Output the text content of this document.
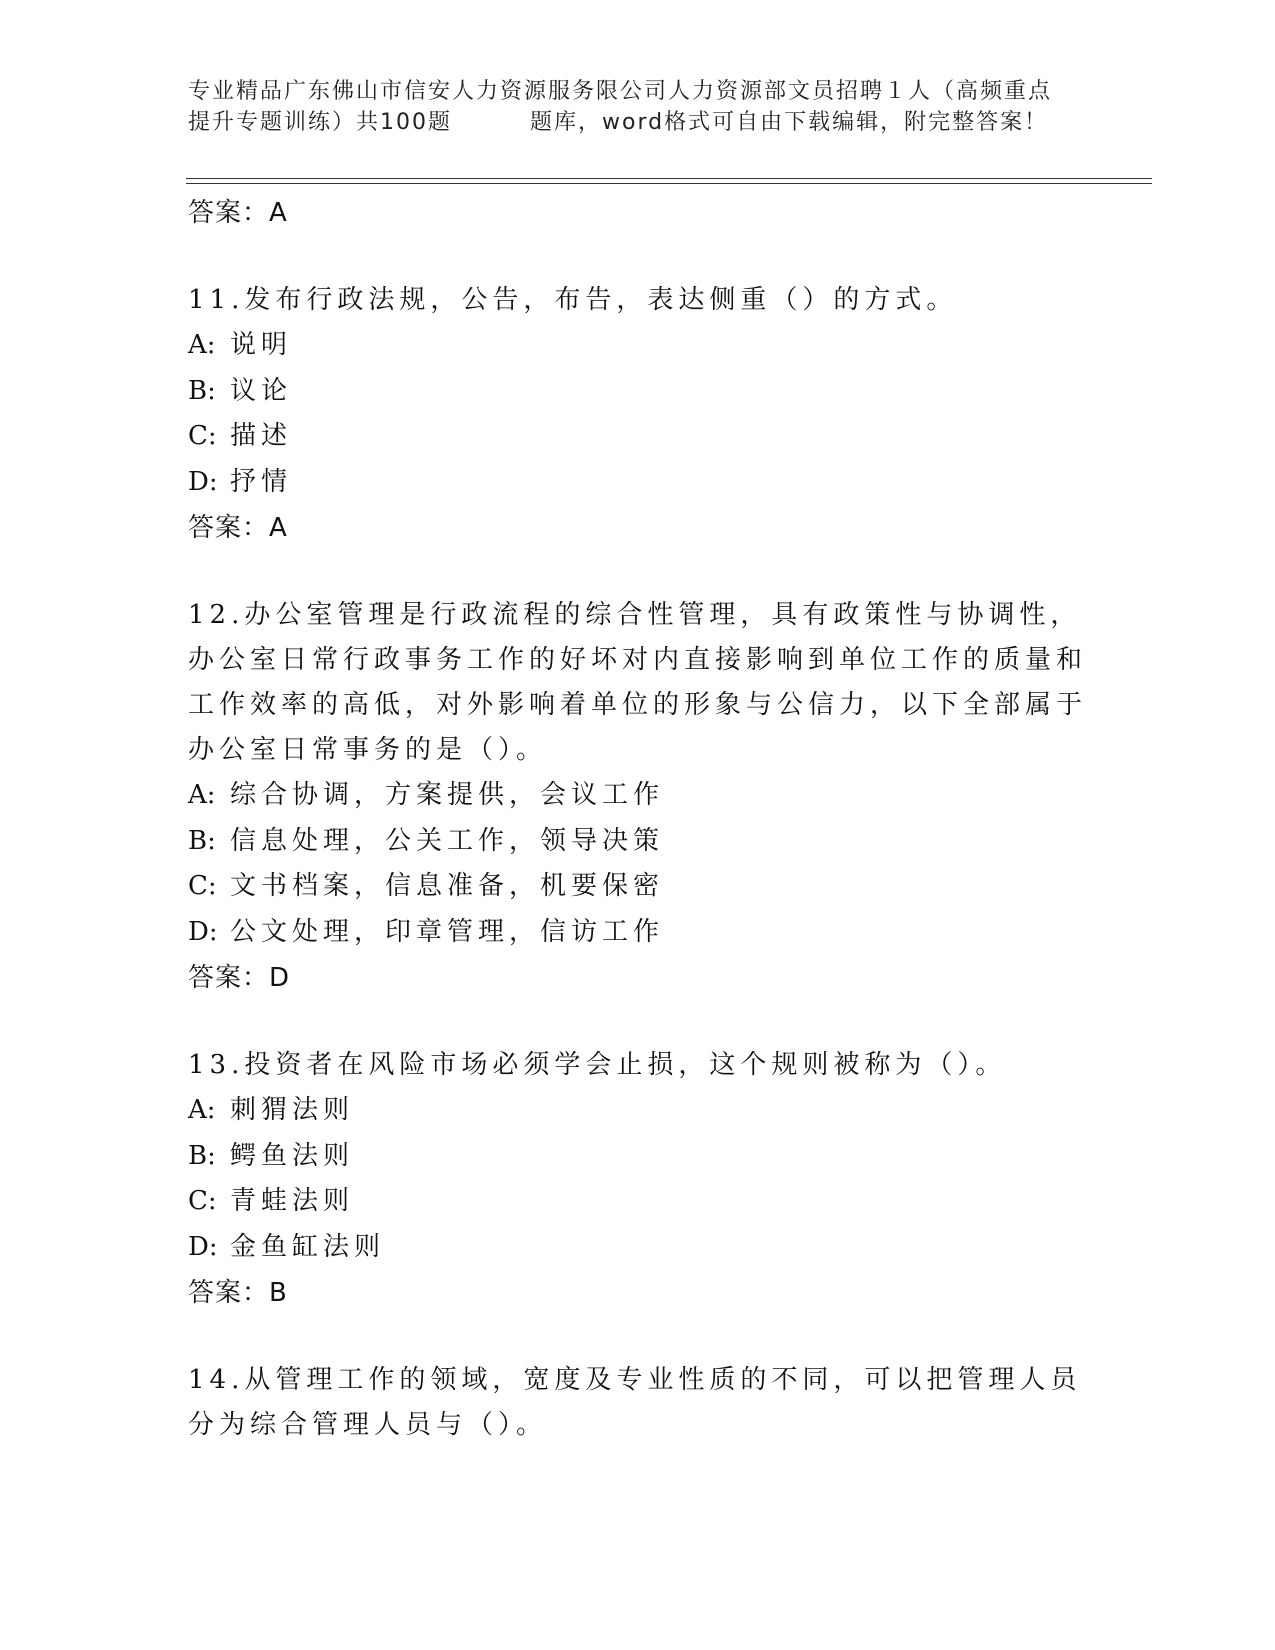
专业精品广东佛山市信安人力资源服务限公司人力资源部文员招聘１人（高频重点
提升专题训练）共100题	题库，word格式可自由下载编辑，附完整答案！
答案：A
11.发布行政法规，公告，布告，表达侧重（）的方式。
A: 说明
B: 议论
C: 描述
D: 抒情
答案：A
12.办公室管理是行政流程的综合性管理，具有政策性与协调性，办公室日常行政事务工作的好坏对内直接影响到单位工作的质量和工作效率的高低，对外影响着单位的形象与公信力，以下全部属于办公室日常事务的是（）。
A: 综合协调，方案提供，会议工作
B: 信息处理，公关工作，领导决策
C: 文书档案，信息准备，机要保密
D: 公文处理，印章管理，信访工作
答案：D
13.投资者在风险市场必须学会止损，这个规则被称为（）。
A: 刺猬法则
B: 鳄鱼法则
C: 青蛙法则
D: 金鱼缸法则
答案：B
14.从管理工作的领域，宽度及专业性质的不同，可以把管理人员分为综合管理人员与（）。
